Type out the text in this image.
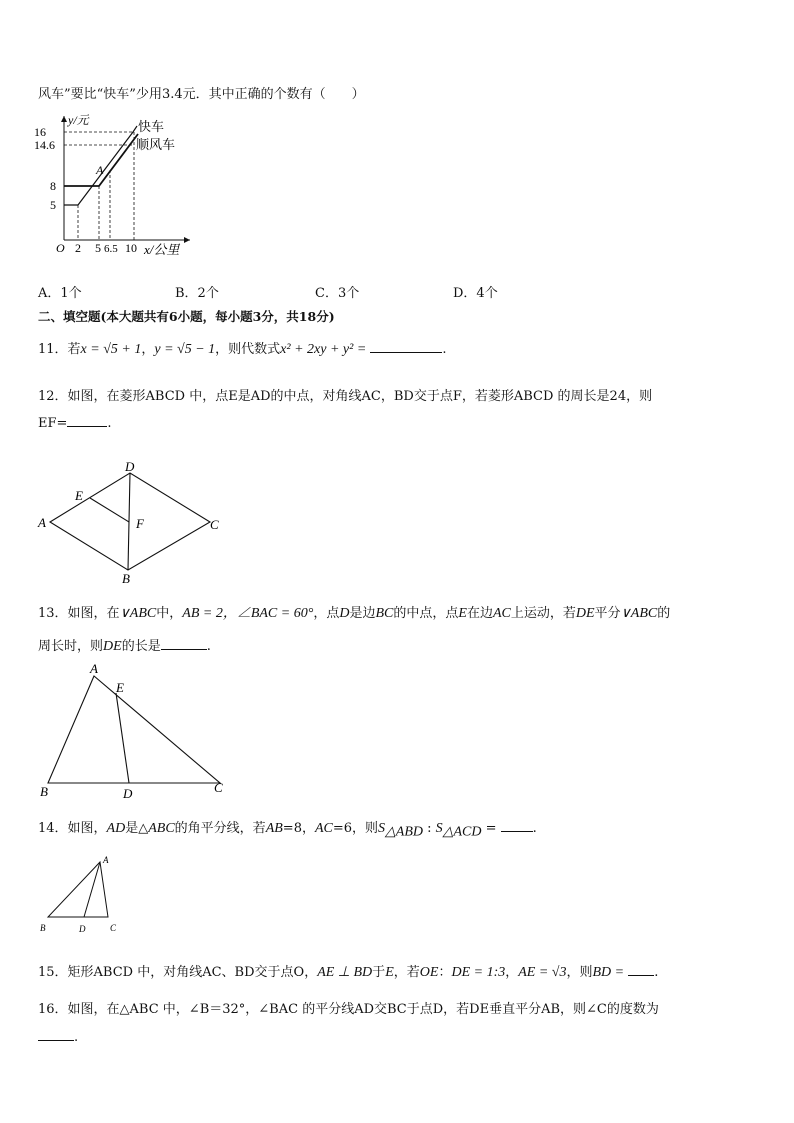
风车”要比“快车”少用3.4元．其中正确的个数有（　　）
y/元
16
14.6
8
5
O 2 5 6.5 10 x/公里
A
快车
顺风车
A．1个	B．2个	C．3个	D．4个
二、填空题(本大题共有6小题，每小题3分，共18分)
11．若x = √5 + 1，y = √5 − 1，则代数式x² + 2xy + y² =	.
12．如图，在菱形ABCD 中，点E是AD的中点，对角线AC，BD交于点F，若菱形ABCD 的周长是24，则
EF=	.
D
E
A	F	C
B
13．如图，在∨ABC中，AB = 2，∠BAC = 60°，点D是边BC的中点，点E在边AC上运动，若DE平分∨ABC的
周长时，则DE的长是	.
A
E
B	D	C
14．如图，AD是△ABC的角平分线，若AB=8，AC=6，则$S_{\triangle ABD}$ : $S_{\triangle ACD}$ =	.
A
B	D	C
15．矩形ABCD 中，对角线AC、BD交于点O，AE ⊥ BD于E，若OE：DE = 1:3，AE = √3，则BD = .
16．如图，在△ABC 中，∠B＝32°，∠BAC 的平分线AD交BC于点D，若DE垂直平分AB，则∠C的度数为
.
